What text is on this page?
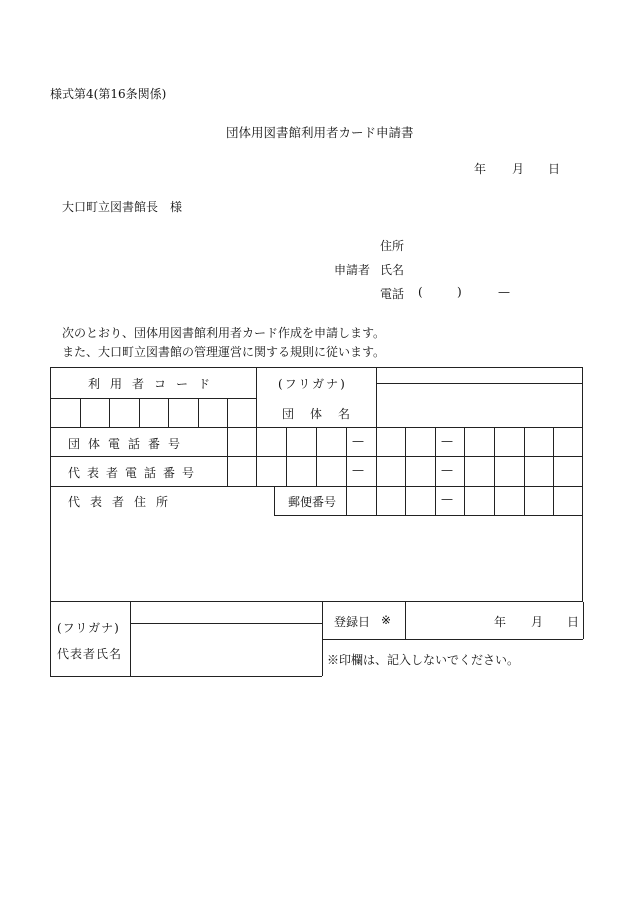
様式第4(第16条関係)
団体用図書館利用者カード申請書
年 月 日
大口町立図書館長　様
住所
申請者 氏名
電話 (	)	—
次のとおり、団体用図書館利用者カード作成を申請します。
また、大口町立図書館の管理運営に関する規則に従います。
利用者コード	(フリガナ)
団体名
団体電話番号	—	—
代表者電話番号	—	—
代表者住所	郵便番号	—
(フリガナ)
代表者氏名
登録日 ※	年 月 日
※印欄は、記入しないでください。
